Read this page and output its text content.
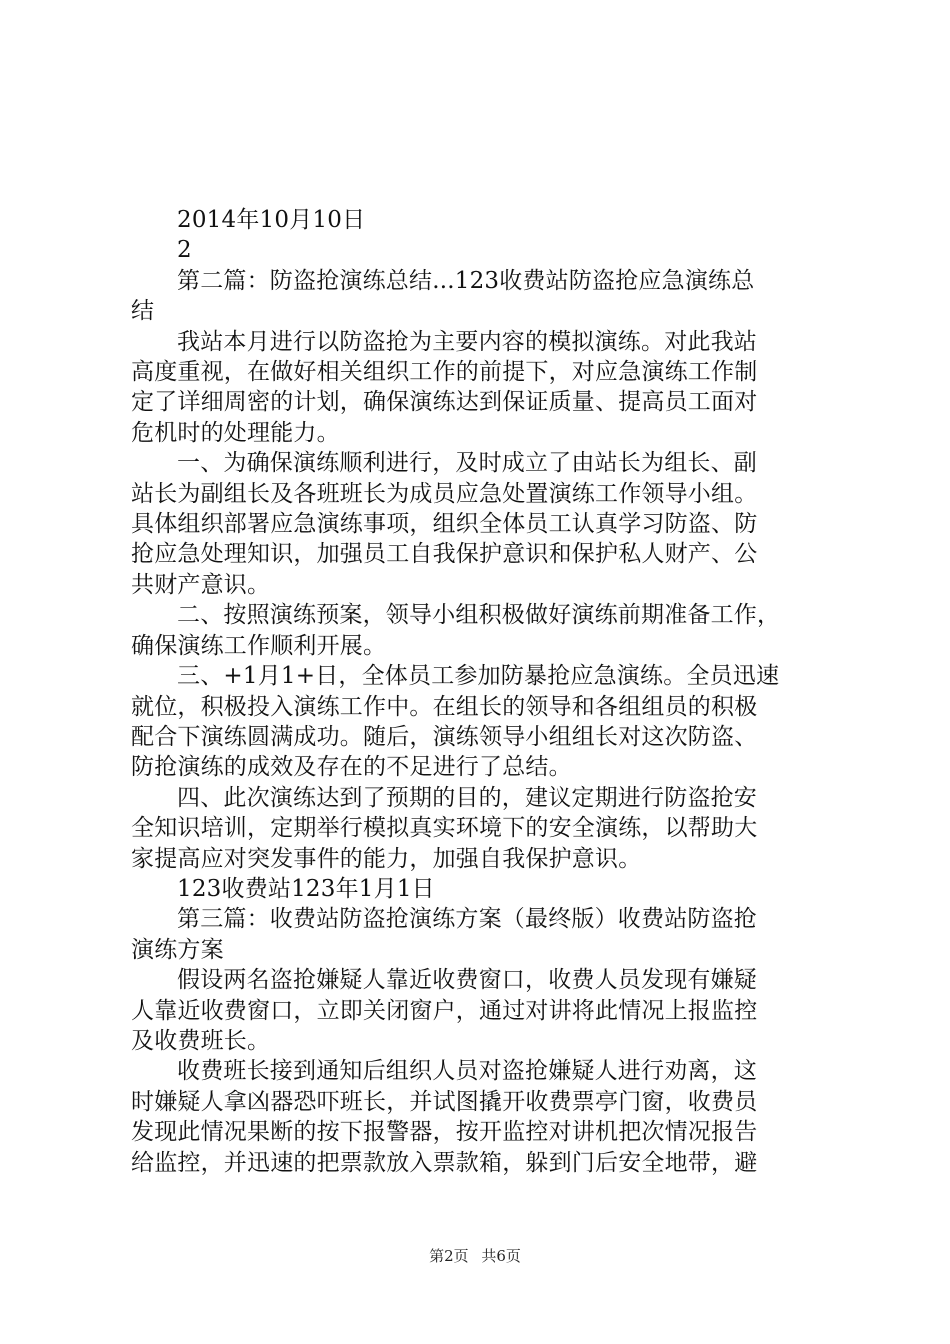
2014年10月10日
2
第二篇：防盗抢演练总结...123收费站防盗抢应急演练总
结
我站本月进行以防盗抢为主要内容的模拟演练。对此我站
高度重视，在做好相关组织工作的前提下，对应急演练工作制
定了详细周密的计划，确保演练达到保证质量、提高员工面对
危机时的处理能力。
一、为确保演练顺利进行，及时成立了由站长为组长、副
站长为副组长及各班班长为成员应急处置演练工作领导小组。
具体组织部署应急演练事项，组织全体员工认真学习防盗、防
抢应急处理知识，加强员工自我保护意识和保护私人财产、公
共财产意识。
二、按照演练预案，领导小组积极做好演练前期准备工作，
确保演练工作顺利开展。
三、+1月1+日，全体员工参加防暴抢应急演练。全员迅速
就位，积极投入演练工作中。在组长的领导和各组组员的积极
配合下演练圆满成功。随后，演练领导小组组长对这次防盗、
防抢演练的成效及存在的不足进行了总结。
四、此次演练达到了预期的目的，建议定期进行防盗抢安
全知识培训，定期举行模拟真实环境下的安全演练，以帮助大
家提高应对突发事件的能力，加强自我保护意识。
123收费站123年1月1日
第三篇：收费站防盗抢演练方案（最终版）收费站防盗抢
演练方案
假设两名盗抢嫌疑人靠近收费窗口，收费人员发现有嫌疑
人靠近收费窗口，立即关闭窗户，通过对讲将此情况上报监控
及收费班长。
收费班长接到通知后组织人员对盗抢嫌疑人进行劝离，这
时嫌疑人拿凶器恐吓班长，并试图撬开收费票亭门窗，收费员
发现此情况果断的按下报警器，按开监控对讲机把次情况报告
给监控，并迅速的把票款放入票款箱，躲到门后安全地带，避
第2页 共6页
